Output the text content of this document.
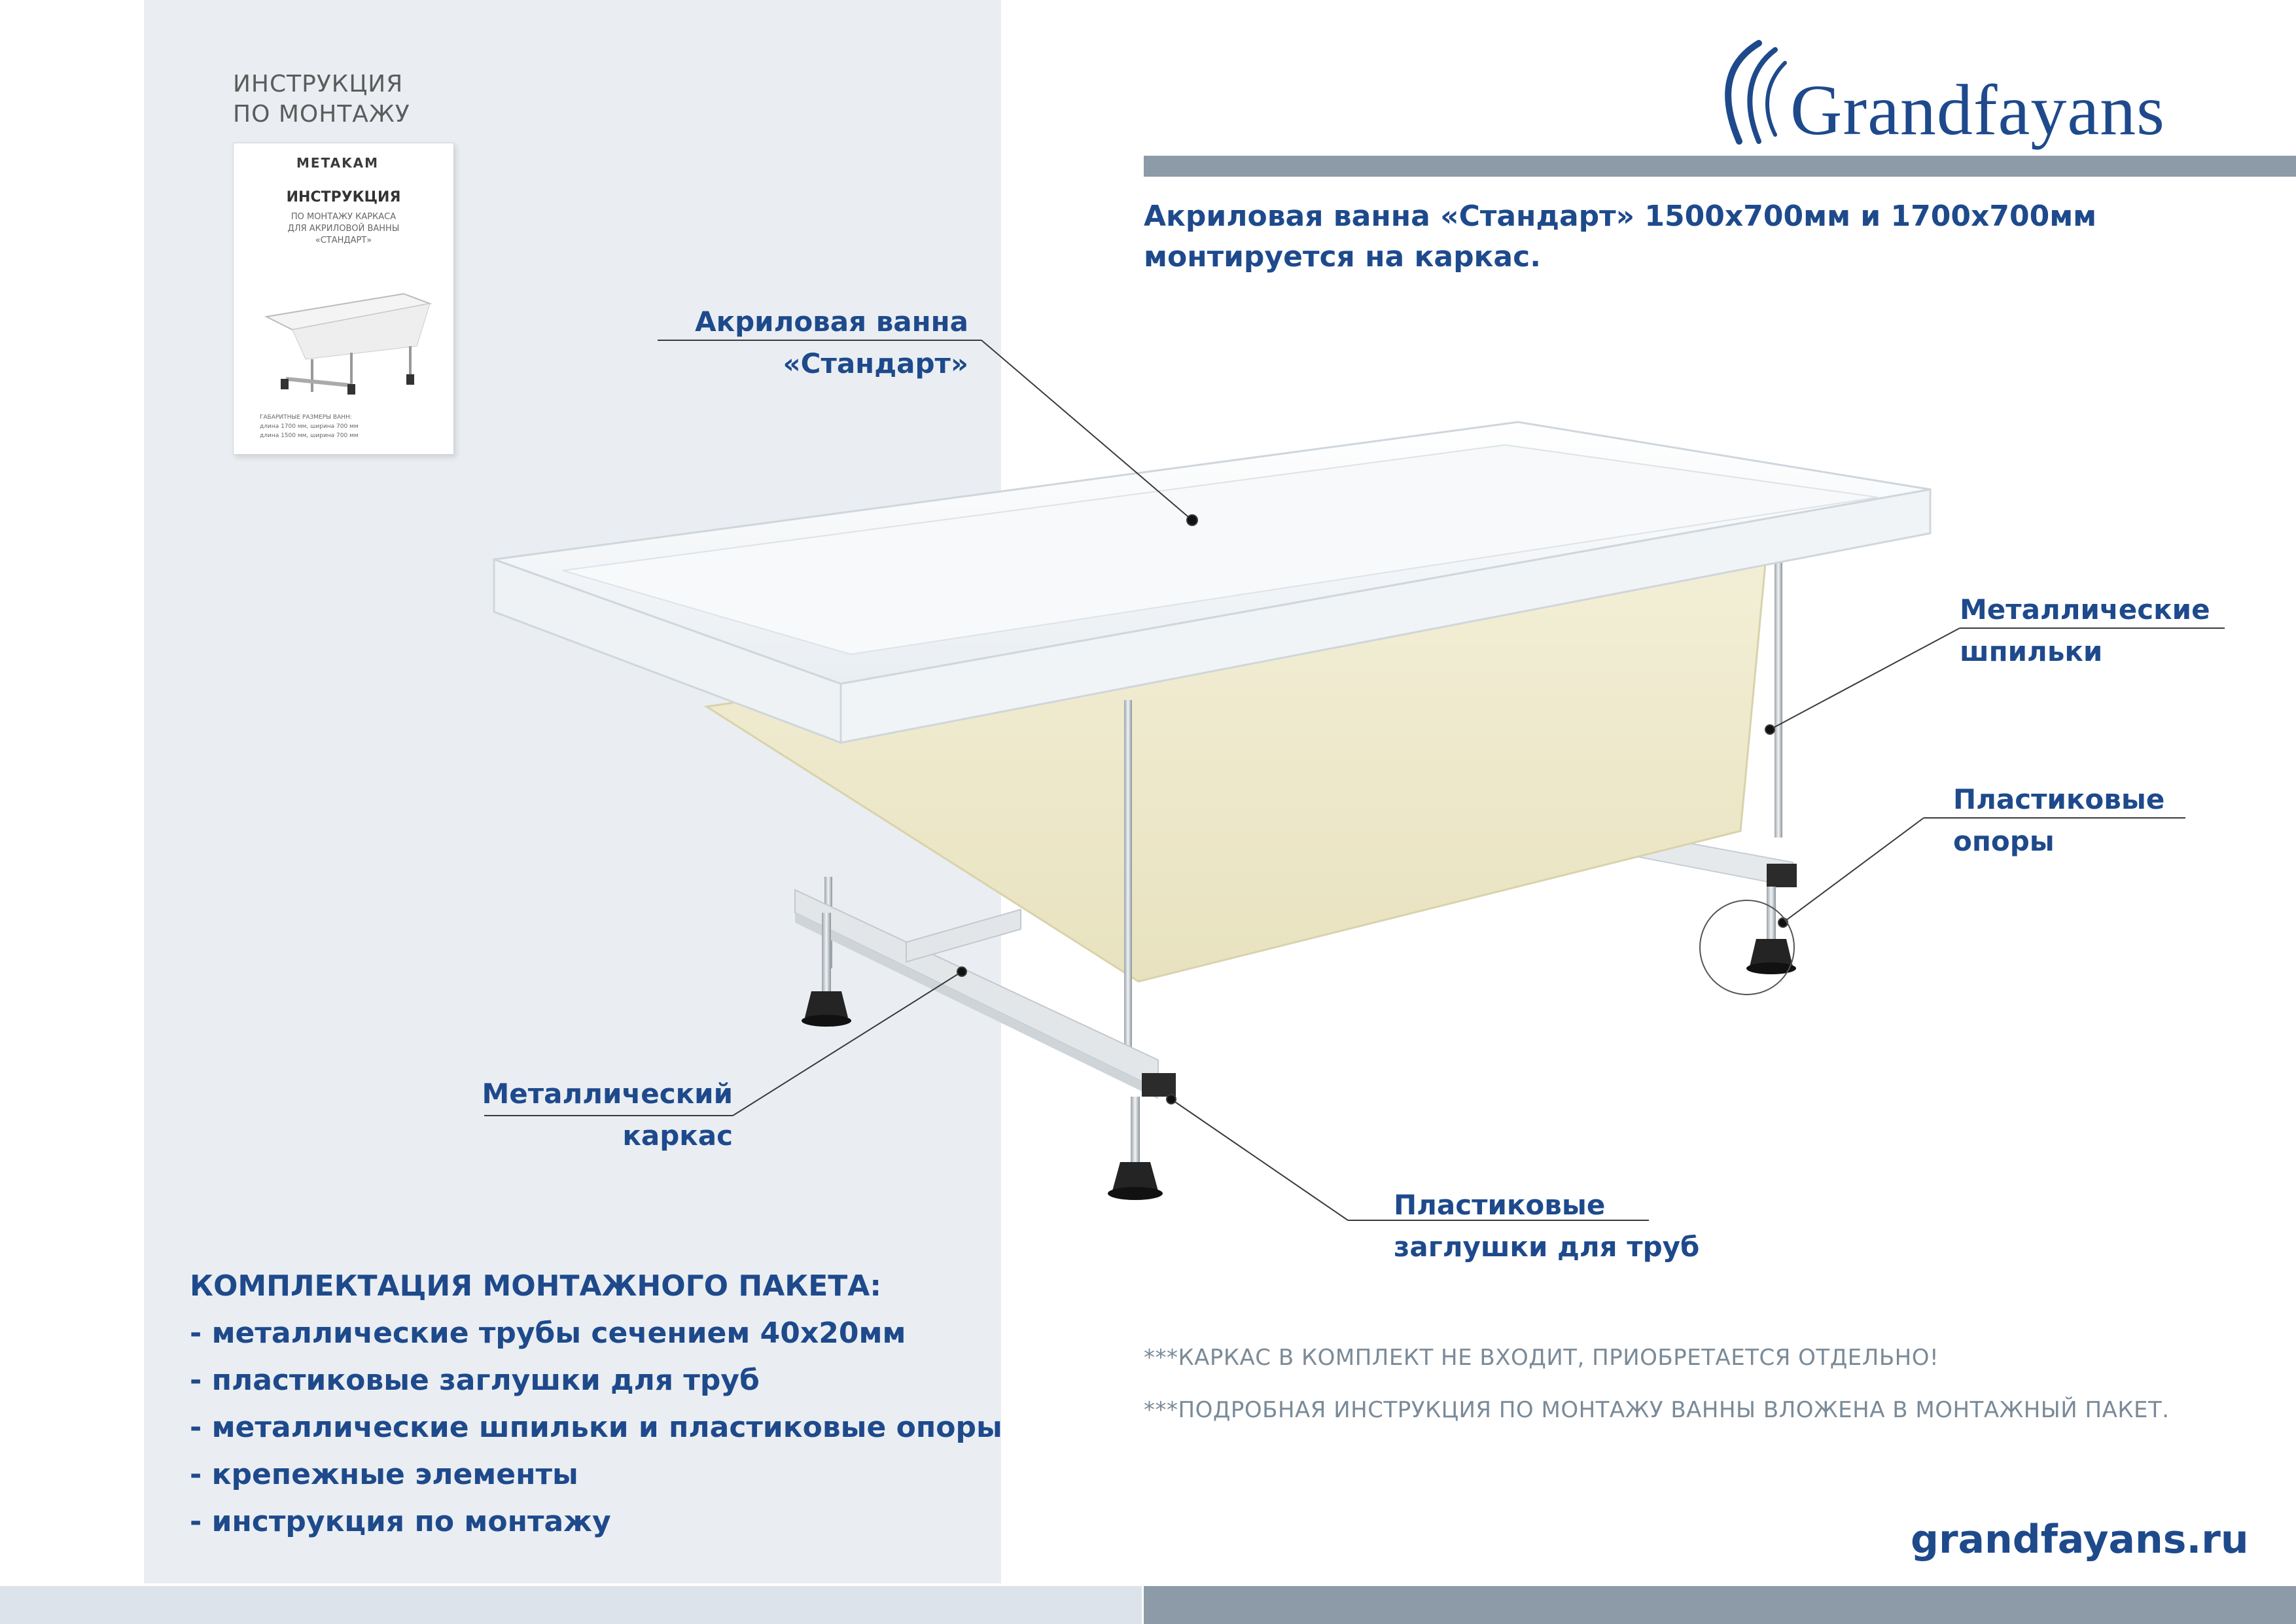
ИНСТРУКЦИЯ
ПО МОНТАЖУ
METAKAM
ИНСТРУКЦИЯ
ПО МОНТАЖУ КАРКАСА
ДЛЯ АКРИЛОВОЙ ВАННЫ
«СТАНДАРТ»
ГАБАРИТНЫЕ РАЗМЕРЫ ВАНН:
длина 1700 мм, ширина 700 мм
длина 1500 мм, ширина 700 мм
Grandfayans
Акриловая ванна «Стандарт» 1500х700мм и 1700х700мм монтируется на каркас.
Акриловая ванна
«Стандарт»
Металлические
шпильки
Пластиковые
опоры
Металлический
каркас
Пластиковые
заглушки для труб
КОМПЛЕКТАЦИЯ МОНТАЖНОГО ПАКЕТА:
- металлические трубы сечением 40х20мм
- пластиковые заглушки для труб
- металлические шпильки и пластиковые опоры
- крепежные элементы
- инструкция по монтажу
***КАРКАС В КОМПЛЕКТ НЕ ВХОДИТ, ПРИОБРЕТАЕТСЯ ОТДЕЛЬНО!
***ПОДРОБНАЯ ИНСТРУКЦИЯ ПО МОНТАЖУ ВАННЫ ВЛОЖЕНА В МОНТАЖНЫЙ ПАКЕТ.
grandfayans.ru
